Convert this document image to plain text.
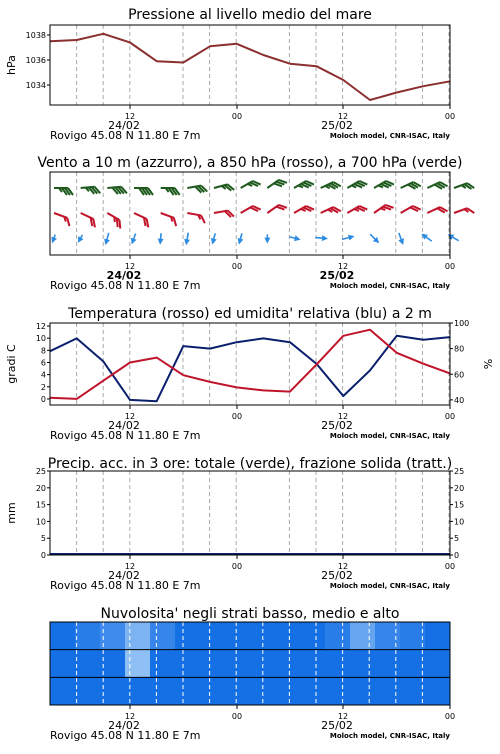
Pressione al livello medio del mare
1034
1036
1038
hPa
12	00	12	00
24/02	25/02
Rovigo 45.08 N 11.80 E 7m	Moloch model, CNR-ISAC, Italy
Vento a 10 m (azzurro), a 850 hPa (rosso), a 700 hPa (verde)
12	00	12	00
24/02	25/02
Rovigo 45.08 N 11.80 E 7m	Moloch model, CNR-ISAC, Italy
Temperatura (rosso) ed umidita' relativa (blu) a 2 m
0
2
4
6
8
10
12
40
60
80
100
gradi C	%
12	00	12	00
24/02	25/02
Rovigo 45.08 N 11.80 E 7m	Moloch model, CNR-ISAC, Italy
Precip. acc. in 3 ore: totale (verde), frazione solida (tratt.)
0
5
10
15
20
25
0
5
10
15
20
25
mm
12	00	12	00
24/02	25/02
Rovigo 45.08 N 11.80 E 7m	Moloch model, CNR-ISAC, Italy
Nuvolosita' negli strati basso, medio e alto
12	00	12	00
24/02	25/02
Rovigo 45.08 N 11.80 E 7m	Moloch model, CNR-ISAC, Italy
